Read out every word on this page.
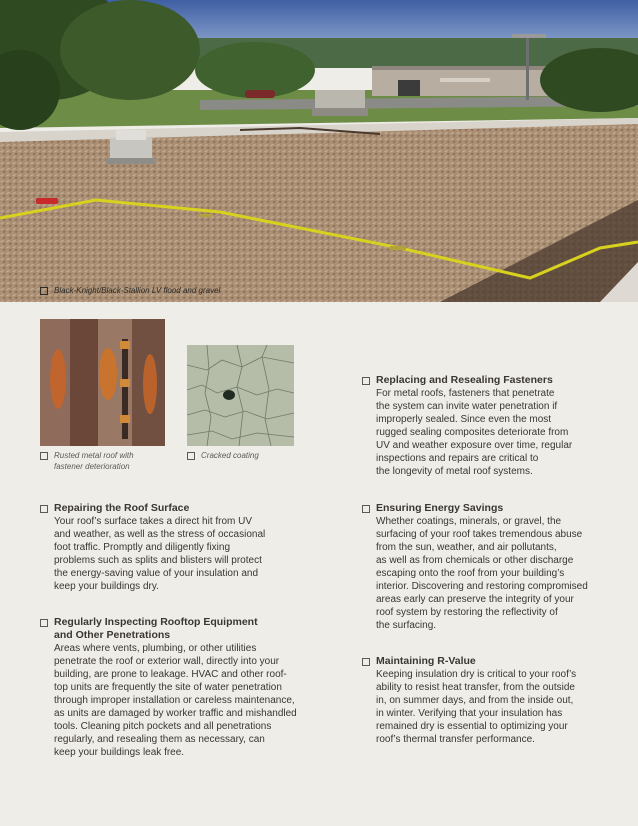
Black-Knight/Black-Stallion LV flood and gravel
Rusted metal roof with
fastener deterioration
Cracked coating
Repairing the Roof Surface
Your roof’s surface takes a direct hit from UV
and weather, as well as the stress of occasional
foot traffic. Promptly and diligently fixing
problems such as splits and blisters will protect
the energy-saving value of your insulation and
keep your buildings dry.
Regularly Inspecting Rooftop Equipment
and Other Penetrations
Areas where vents, plumbing, or other utilities
penetrate the roof or exterior wall, directly into your
building, are prone to leakage. HVAC and other roof-
top units are frequently the site of water penetration
through improper installation or careless maintenance,
as units are damaged by worker traffic and mishandled
tools. Cleaning pitch pockets and all penetrations
regularly, and resealing them as necessary, can
keep your buildings leak free.
Replacing and Resealing Fasteners
For metal roofs, fasteners that penetrate
the system can invite water penetration if
improperly sealed. Since even the most
rugged sealing composites deteriorate from
UV and weather exposure over time, regular
inspections and repairs are critical to
the longevity of metal roof systems.
Ensuring Energy Savings
Whether coatings, minerals, or gravel, the
surfacing of your roof takes tremendous abuse
from the sun, weather, and air pollutants,
as well as from chemicals or other discharge
escaping onto the roof from your building’s
interior. Discovering and restoring compromised
areas early can preserve the integrity of your
roof system by restoring the reflectivity of
the surfacing.
Maintaining R-Value
Keeping insulation dry is critical to your roof’s
ability to resist heat transfer, from the outside
in, on summer days, and from the inside out,
in winter. Verifying that your insulation has
remained dry is essential to optimizing your
roof’s thermal transfer performance.
